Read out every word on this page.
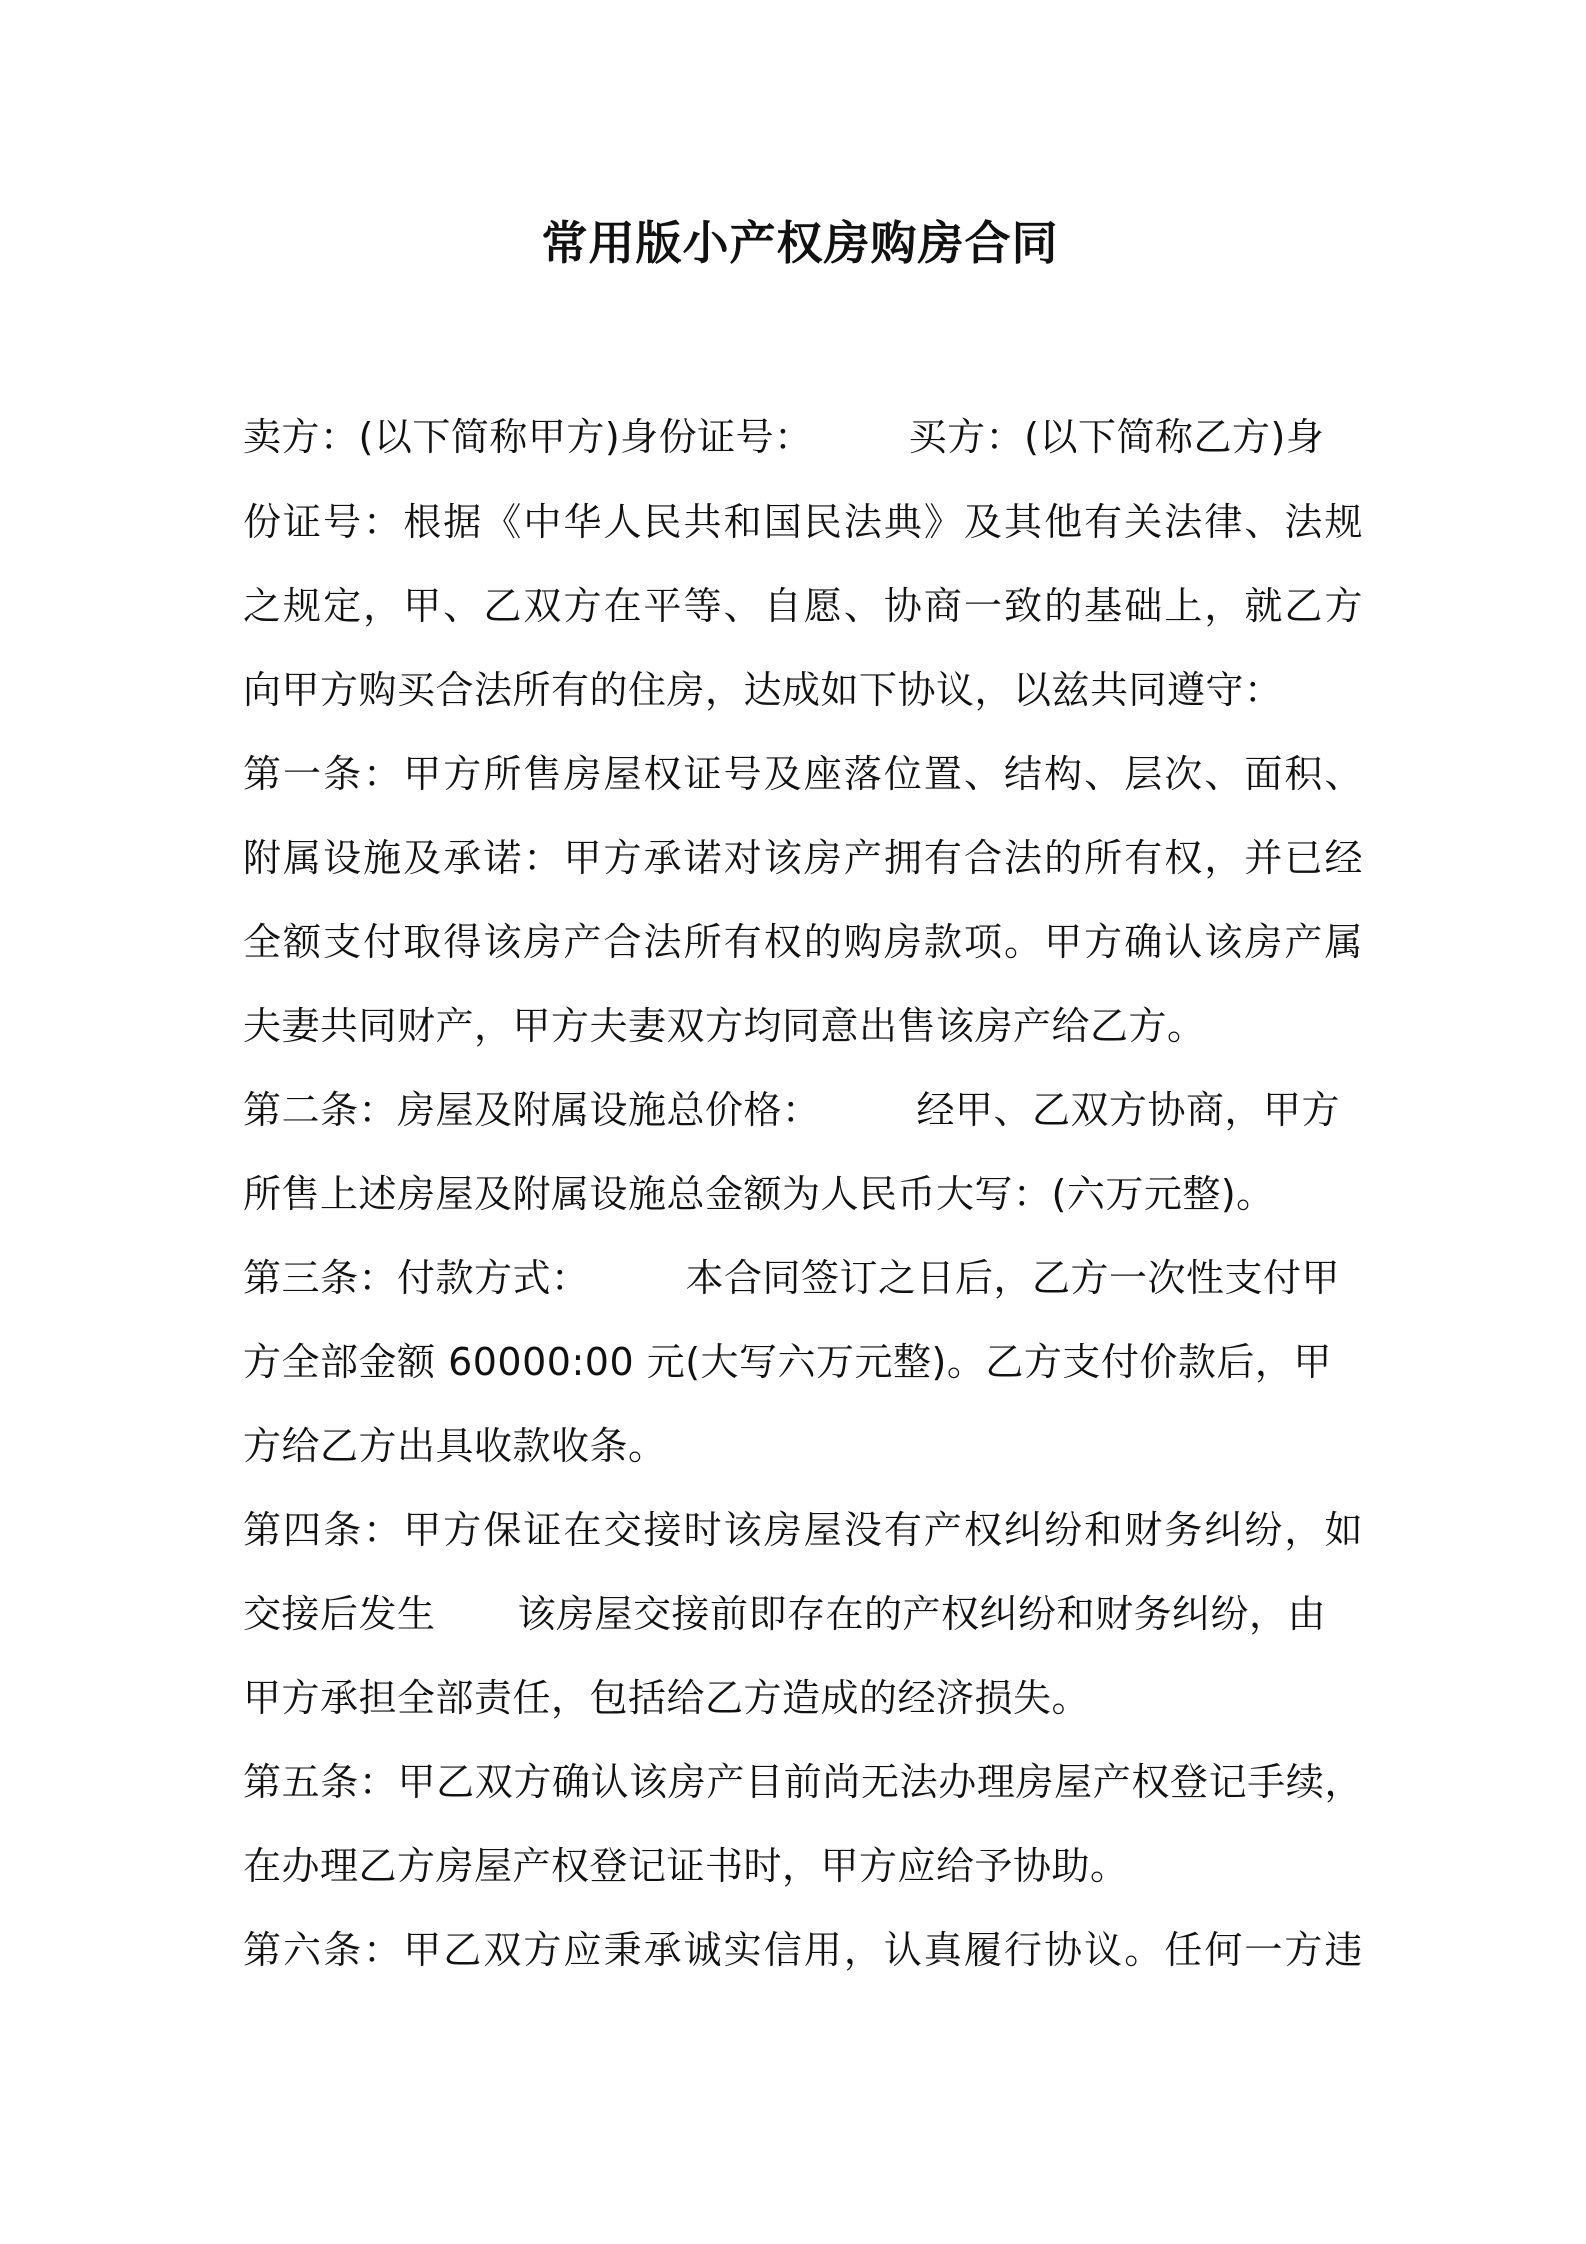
常用版小产权房购房合同
卖方：(以下简称甲方)身份证号：	买方：(以下简称乙方)身
份证号：根据《中华人民共和国民法典》及其他有关法律、法规
之规定，甲、乙双方在平等、自愿、协商一致的基础上，就乙方
向甲方购买合法所有的住房，达成如下协议，以兹共同遵守：
第一条：甲方所售房屋权证号及座落位置、结构、层次、面积、
附属设施及承诺：甲方承诺对该房产拥有合法的所有权，并已经
全额支付取得该房产合法所有权的购房款项。甲方确认该房产属
夫妻共同财产，甲方夫妻双方均同意出售该房产给乙方。
第二条：房屋及附属设施总价格：	经甲、乙双方协商，甲方
所售上述房屋及附属设施总金额为人民币大写：(六万元整)。
第三条：付款方式：	本合同签订之日后，乙方一次性支付甲
方全部金额 60000:00 元(大写六万元整)。乙方支付价款后，甲
方给乙方出具收款收条。
第四条：甲方保证在交接时该房屋没有产权纠纷和财务纠纷，如
交接后发生 该房屋交接前即存在的产权纠纷和财务纠纷，由
甲方承担全部责任，包括给乙方造成的经济损失。
第五条：甲乙双方确认该房产目前尚无法办理房屋产权登记手续，
在办理乙方房屋产权登记证书时，甲方应给予协助。
第六条：甲乙双方应秉承诚实信用，认真履行协议。任何一方违
